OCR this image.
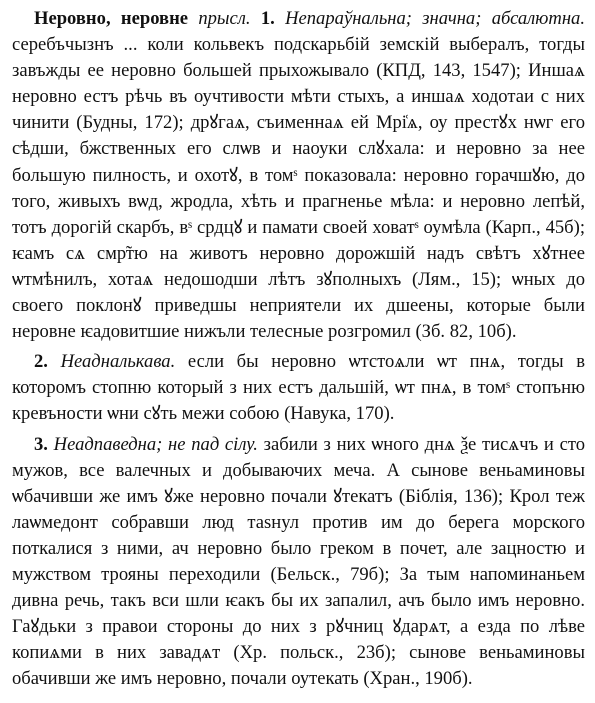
Неровно, неровне прысл. 1. Непараўнальна; значна; абсалютна. серебъчызнъ ... коли кольвекъ подскарьбій земскій выбералъ, тогды завъжды ее неровно большей прыхожывало (КПД, 143, 1547); Иншаѧ неровно естъ рѣчь въ оучтивости мѣти стыхъ, а иншаѧ ходотаи с них чинити (Будны, 172); дрꙋгаѧ, съименнаѧ ей Мрі͑ѧ, оу престꙋх нѡг его сѣдши, бжственных его слѡв и наоуки слꙋхала: и неровно за нее большую пилность, и охотꙋ, в томˢ показовала: неровно горачшꙋю, до того, живыхъ вѡд, жродла, хѣть и прагненье мѣла: и неровно лепѣй, тотъ дорогій скарбъ, вˢ срдцꙋ и памати своей ховатˢ оумѣла (Карп., 45б); ѥамъ сѧ смр̃тю на животъ неровно дорожшій надъ свѣтъ хꙋтнее ѡтмѣнилъ, хотаѧ недошодши лѣтъ зꙋполныхъ (Лям., 15); ѡных до своего поклонꙋ приведшы неприятели их дшеены, которые были неровне ѥадовитшие нижъли телесные розгромил (Зб. 82, 10б).

2. Неадналькава. если бы неровно ѡтстоѧли ѡт пнѧ, тогды в которомъ стопню который з них естъ дальшій, ѡт пнѧ, в томˢ стопъню кревъности ѡни сꙋть межи собою (Навука, 170).

3. Неадпаведна; не пад сілу. забили з них ѡного днѧ ѯе тисѧчъ и сто мужов, все валечных и добываючих меча. А сынове веньаминовы ѡбачивши же имъ ꙋже неровно почали ꙋтекатъ (Біблія, 136); Крол теж лаѡмедонт собравши люд таѕнул против им до берега морского поткалися з ними, ач неровно было греком в почет, але зацностю и мужством трояны переходили (Бельск., 79б); За тым напоминаньем дивна речь, такъ вси шли ѥакъ бы их запалил, ачъ было имъ неровно. Гаꙋдьки з правои стороны до них з рꙋчниц ꙋдарѧт, а езда по лѣве копиѧми в них завадѧт (Хр. польск., 23б); сынове веньаминовы обачивши же имъ неровно, почали оутекать (Хран., 190б).
